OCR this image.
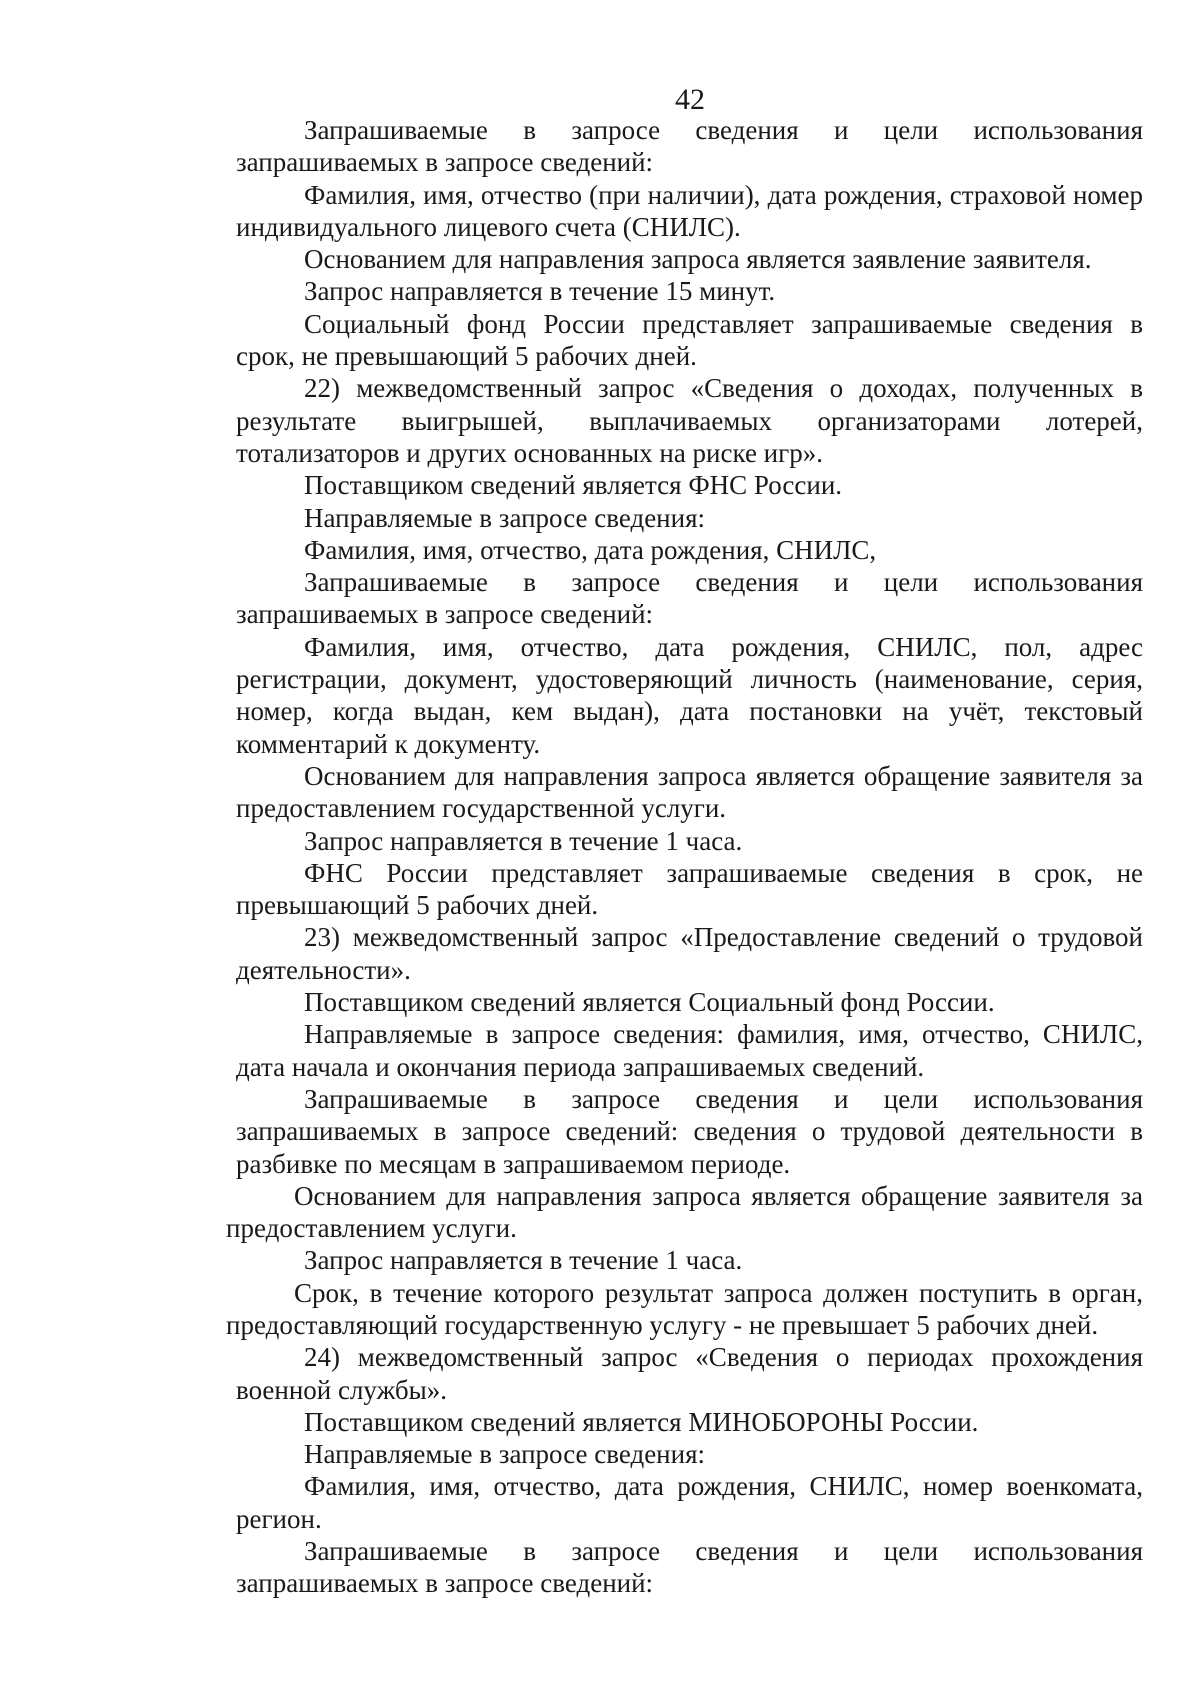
42

Запрашиваемые в запросе сведения и цели использования запрашиваемых в запросе сведений:

Фамилия, имя, отчество (при наличии), дата рождения, страховой номер индивидуального лицевого счета (СНИЛС).

Основанием для направления запроса является заявление заявителя.

Запрос направляется в течение 15 минут.

Социальный фонд России представляет запрашиваемые сведения в срок, не превышающий 5 рабочих дней.

22) межведомственный запрос «Сведения о доходах, полученных в результате выигрышей, выплачиваемых организаторами лотерей, тотализаторов и других основанных на риске игр».

Поставщиком сведений является ФНС России.

Направляемые в запросе сведения:

Фамилия, имя, отчество, дата рождения, СНИЛС,

Запрашиваемые в запросе сведения и цели использования запрашиваемых в запросе сведений:

Фамилия, имя, отчество, дата рождения, СНИЛС, пол, адрес регистрации, документ, удостоверяющий личность (наименование, серия, номер, когда выдан, кем выдан), дата постановки на учёт, текстовый комментарий к документу.

Основанием для направления запроса является обращение заявителя за предоставлением государственной услуги.

Запрос направляется в течение 1 часа.

ФНС России представляет запрашиваемые сведения в срок, не превышающий 5 рабочих дней.

23) межведомственный запрос «Предоставление сведений о трудовой деятельности».

Поставщиком сведений является Социальный фонд России.

Направляемые в запросе сведения: фамилия, имя, отчество, СНИЛС, дата начала и окончания периода запрашиваемых сведений.

Запрашиваемые в запросе сведения и цели использования запрашиваемых в запросе сведений: сведения о трудовой деятельности в разбивке по месяцам в запрашиваемом периоде.

Основанием для направления запроса является обращение заявителя за предоставлением услуги.

Запрос направляется в течение 1 часа.

Срок, в течение которого результат запроса должен поступить в орган, предоставляющий государственную услугу - не превышает 5 рабочих дней.

24) межведомственный запрос «Сведения о периодах прохождения военной службы».

Поставщиком сведений является МИНОБОРОНЫ России.

Направляемые в запросе сведения:

Фамилия, имя, отчество, дата рождения, СНИЛС, номер военкомата, регион.

Запрашиваемые в запросе сведения и цели использования запрашиваемых в запросе сведений:
